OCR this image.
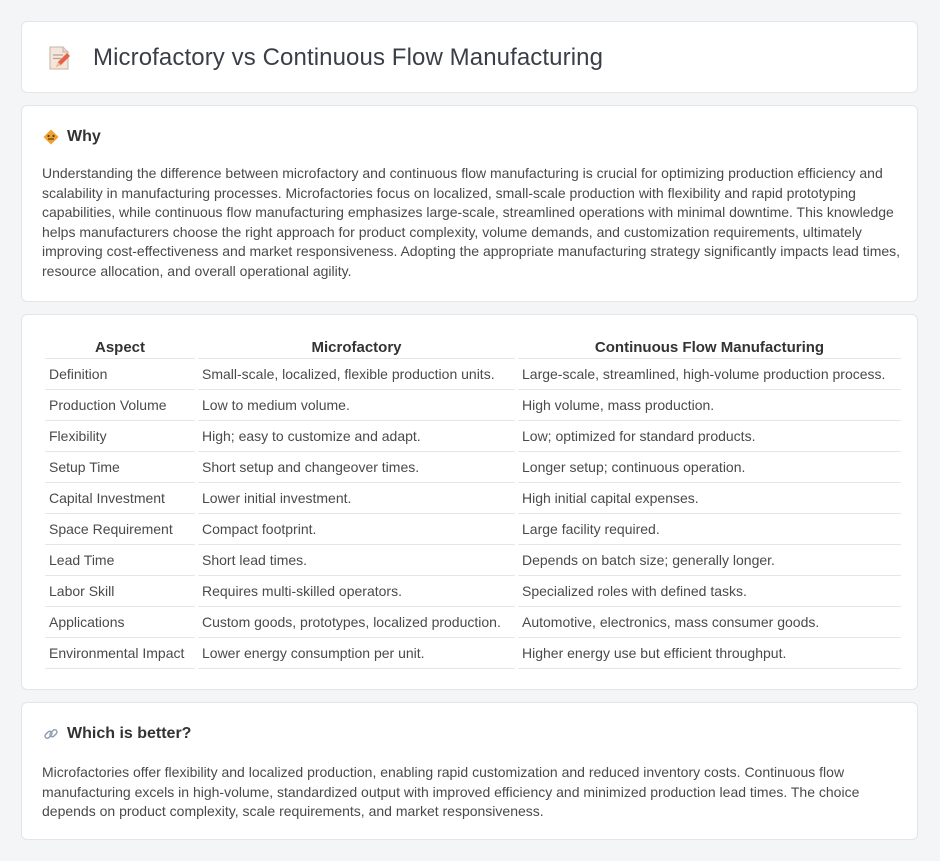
Microfactory vs Continuous Flow Manufacturing
Why

Understanding the difference between microfactory and continuous flow manufacturing is crucial for optimizing production efficiency and scalability in manufacturing processes. Microfactories focus on localized, small-scale production with flexibility and rapid prototyping capabilities, while continuous flow manufacturing emphasizes large-scale, streamlined operations with minimal downtime. This knowledge helps manufacturers choose the right approach for product complexity, volume demands, and customization requirements, ultimately improving cost-effectiveness and market responsiveness. Adopting the appropriate manufacturing strategy significantly impacts lead times, resource allocation, and overall operational agility.

Aspect	Microfactory	Continuous Flow Manufacturing
Definition	Small-scale, localized, flexible production units.	Large-scale, streamlined, high-volume production process.
Production Volume	Low to medium volume.	High volume, mass production.
Flexibility	High; easy to customize and adapt.	Low; optimized for standard products.
Setup Time	Short setup and changeover times.	Longer setup; continuous operation.
Capital Investment	Lower initial investment.	High initial capital expenses.
Space Requirement	Compact footprint.	Large facility required.
Lead Time	Short lead times.	Depends on batch size; generally longer.
Labor Skill	Requires multi-skilled operators.	Specialized roles with defined tasks.
Applications	Custom goods, prototypes, localized production.	Automotive, electronics, mass consumer goods.
Environmental Impact	Lower energy consumption per unit.	Higher energy use but efficient throughput.
Which is better?

Microfactories offer flexibility and localized production, enabling rapid customization and reduced inventory costs. Continuous flow manufacturing excels in high-volume, standardized output with improved efficiency and minimized production lead times. The choice depends on product complexity, scale requirements, and market responsiveness.
